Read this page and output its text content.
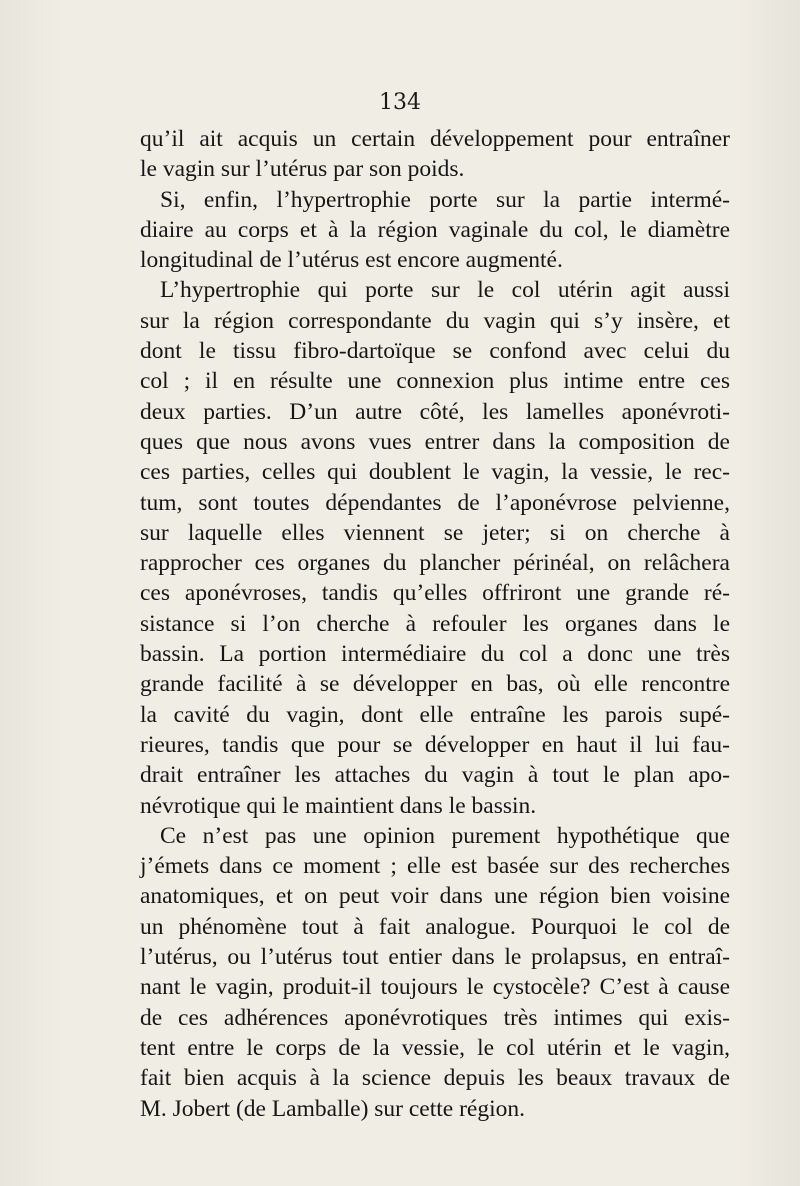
134
qu’il ait acquis un certain développement pour entraîner
le vagin sur l’utérus par son poids.
Si, enfin, l’hypertrophie porte sur la partie intermé-
diaire au corps et à la région vaginale du col, le diamètre
longitudinal de l’utérus est encore augmenté.
L’hypertrophie qui porte sur le col utérin agit aussi
sur la région correspondante du vagin qui s’y insère, et
dont le tissu fibro-dartoïque se confond avec celui du
col ; il en résulte une connexion plus intime entre ces
deux parties. D’un autre côté, les lamelles aponévroti-
ques que nous avons vues entrer dans la composition de
ces parties, celles qui doublent le vagin, la vessie, le rec-
tum, sont toutes dépendantes de l’aponévrose pelvienne,
sur laquelle elles viennent se jeter; si on cherche à
rapprocher ces organes du plancher périnéal, on relâchera
ces aponévroses, tandis qu’elles offriront une grande ré-
sistance si l’on cherche à refouler les organes dans le
bassin. La portion intermédiaire du col a donc une très
grande facilité à se développer en bas, où elle rencontre
la cavité du vagin, dont elle entraîne les parois supé-
rieures, tandis que pour se développer en haut il lui fau-
drait entraîner les attaches du vagin à tout le plan apo-
névrotique qui le maintient dans le bassin.
Ce n’est pas une opinion purement hypothétique que
j’émets dans ce moment ; elle est basée sur des recherches
anatomiques, et on peut voir dans une région bien voisine
un phénomène tout à fait analogue. Pourquoi le col de
l’utérus, ou l’utérus tout entier dans le prolapsus, en entraî-
nant le vagin, produit-il toujours le cystocèle? C’est à cause
de ces adhérences aponévrotiques très intimes qui exis-
tent entre le corps de la vessie, le col utérin et le vagin,
fait bien acquis à la science depuis les beaux travaux de
M. Jobert (de Lamballe) sur cette région.
